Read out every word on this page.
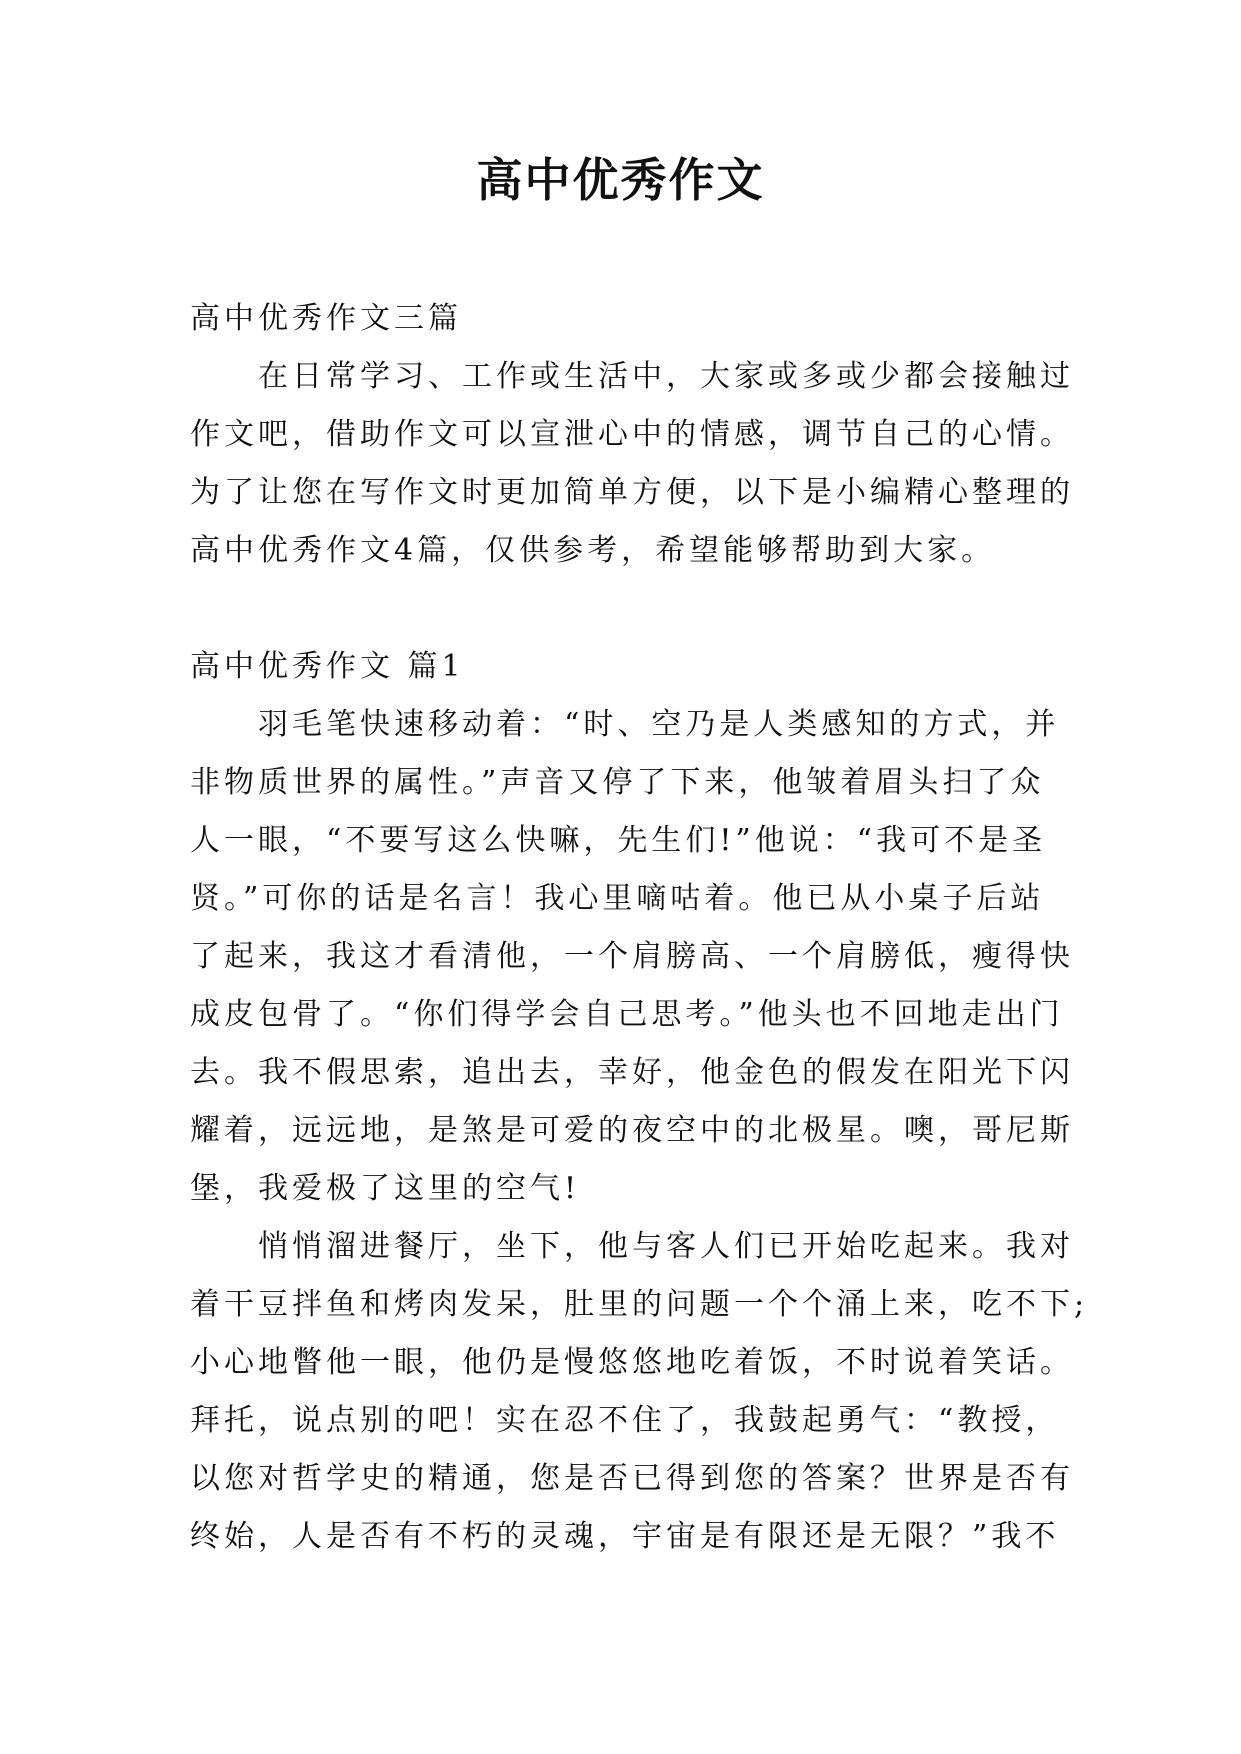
高中优秀作文

高中优秀作文三篇

在日常学习、工作或生活中，大家或多或少都会接触过

作文吧，借助作文可以宣泄心中的情感，调节自己的心情。

为了让您在写作文时更加简单方便，以下是小编精心整理的

高中优秀作文4篇，仅供参考，希望能够帮助到大家。

高中优秀作文 篇1

羽毛笔快速移动着：“时、空乃是人类感知的方式，并

非物质世界的属性。”声音又停了下来，他皱着眉头扫了众

人一眼，“不要写这么快嘛，先生们!”他说：“我可不是圣

贤。”可你的话是名言！我心里嘀咕着。他已从小桌子后站

了起来，我这才看清他，一个肩膀高、一个肩膀低，瘦得快

成皮包骨了。“你们得学会自己思考。”他头也不回地走出门

去。我不假思索，追出去，幸好，他金色的假发在阳光下闪

耀着，远远地，是煞是可爱的夜空中的北极星。噢，哥尼斯

堡，我爱极了这里的空气!

悄悄溜进餐厅，坐下，他与客人们已开始吃起来。我对

着干豆拌鱼和烤肉发呆，肚里的问题一个个涌上来，吃不下;

小心地瞥他一眼，他仍是慢悠悠地吃着饭，不时说着笑话。

拜托，说点别的吧！实在忍不住了，我鼓起勇气：“教授，

以您对哲学史的精通，您是否已得到您的答案？世界是否有

终始，人是否有不朽的灵魂，宇宙是有限还是无限？”我不
